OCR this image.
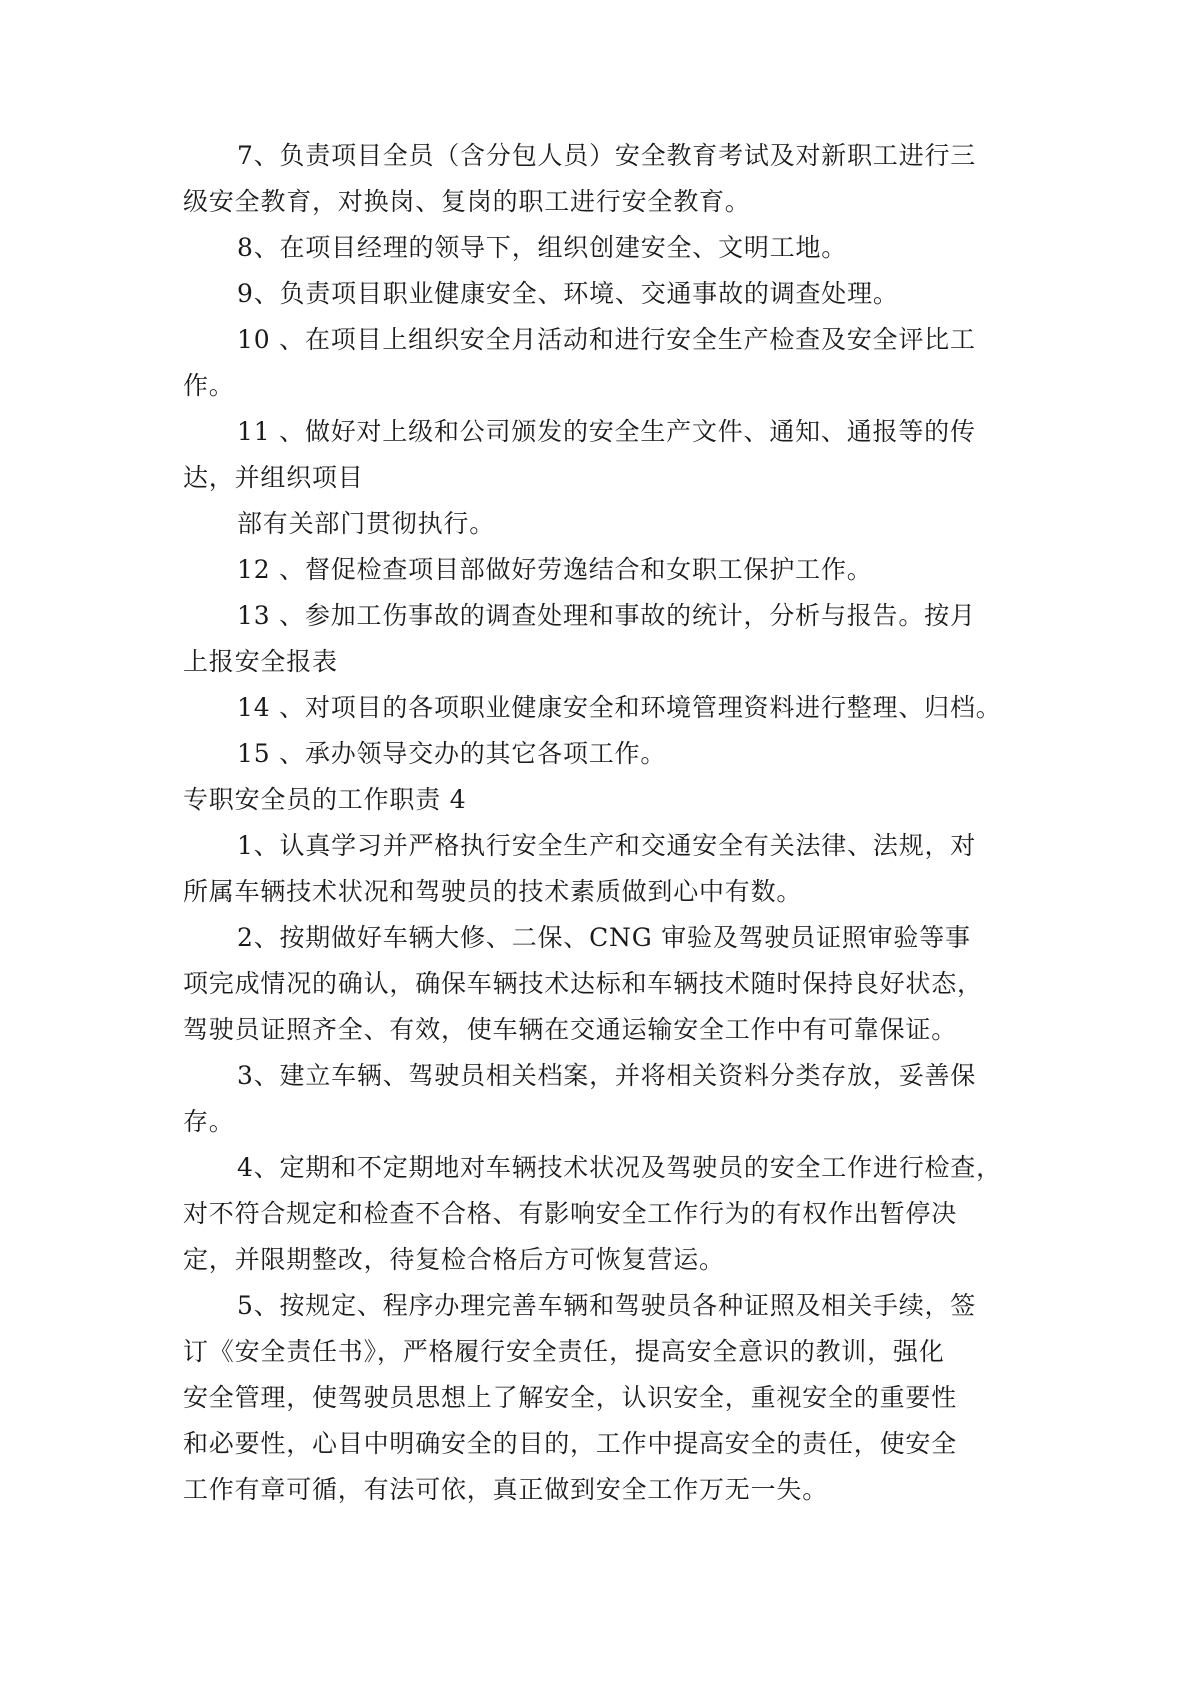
7、负责项目全员（含分包人员）安全教育考试及对新职工进行三
级安全教育，对换岗、复岗的职工进行安全教育。
8、在项目经理的领导下，组织创建安全、文明工地。
9、负责项目职业健康安全、环境、交通事故的调查处理。
10 、在项目上组织安全月活动和进行安全生产检查及安全评比工
作。
11 、做好对上级和公司颁发的安全生产文件、通知、通报等的传
达，并组织项目
部有关部门贯彻执行。
12 、督促检查项目部做好劳逸结合和女职工保护工作。
13 、参加工伤事故的调查处理和事故的统计，分析与报告。按月
上报安全报表
14 、对项目的各项职业健康安全和环境管理资料进行整理、归档。
15 、承办领导交办的其它各项工作。
专职安全员的工作职责 4
1、认真学习并严格执行安全生产和交通安全有关法律、法规，对
所属车辆技术状况和驾驶员的技术素质做到心中有数。
2、按期做好车辆大修、二保、CNG 审验及驾驶员证照审验等事
项完成情况的确认，确保车辆技术达标和车辆技术随时保持良好状态，
驾驶员证照齐全、有效，使车辆在交通运输安全工作中有可靠保证。
3、建立车辆、驾驶员相关档案，并将相关资料分类存放，妥善保
存。
4、定期和不定期地对车辆技术状况及驾驶员的安全工作进行检查，
对不符合规定和检查不合格、有影响安全工作行为的有权作出暂停决
定，并限期整改，待复检合格后方可恢复营运。
5、按规定、程序办理完善车辆和驾驶员各种证照及相关手续，签
订《安全责任书》，严格履行安全责任，提高安全意识的教训，强化
安全管理，使驾驶员思想上了解安全，认识安全，重视安全的重要性
和必要性，心目中明确安全的目的，工作中提高安全的责任，使安全
工作有章可循，有法可依，真正做到安全工作万无一失。
